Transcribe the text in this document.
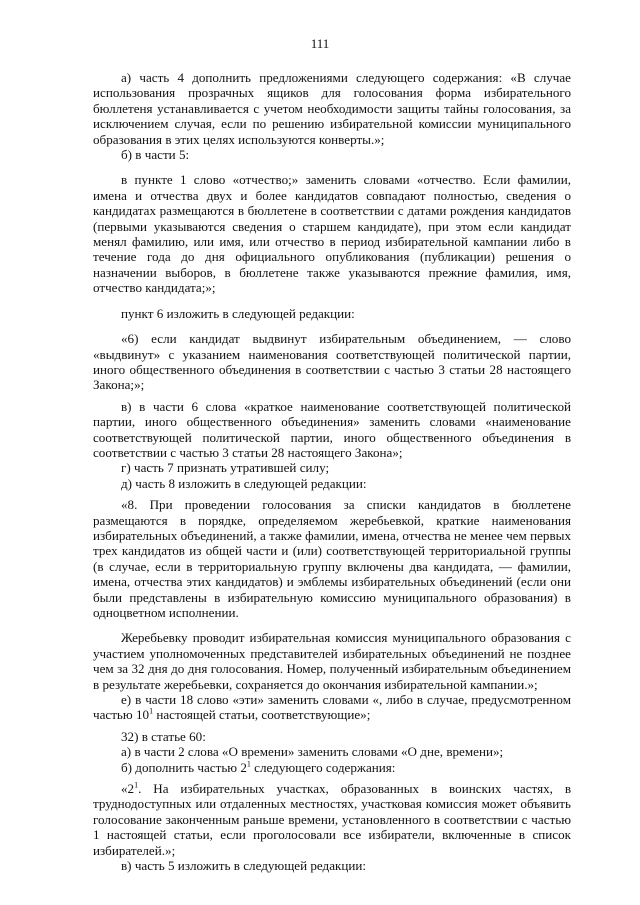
111

а) часть 4 дополнить предложениями следующего содержания: «В случае использования прозрачных ящиков для голосования форма избирательного бюллетеня устанавливается с учетом необходимости защиты тайны голосования, за исключением случая, если по решению избирательной комиссии муниципального образования в этих целях используются конверты.»;

б) в части 5:

в пункте 1 слово «отчество;» заменить словами «отчество. Если фамилии, имена и отчества двух и более кандидатов совпадают полностью, сведения о кандидатах размещаются в бюллетене в соответствии с датами рождения кандидатов (первыми указываются сведения о старшем кандидате), при этом если кандидат менял фамилию, или имя, или отчество в период избирательной кампании либо в течение года до дня официального опубликования (публикации) решения о назначении выборов, в бюллетене также указываются прежние фамилия, имя, отчество кандидата;»;

пункт 6 изложить в следующей редакции:

«6) если кандидат выдвинут избирательным объединением, — слово «выдвинут» с указанием наименования соответствующей политической партии, иного общественного объединения в соответствии с частью 3 статьи 28 настоящего Закона;»;

в) в части 6 слова «краткое наименование соответствующей политической партии, иного общественного объединения» заменить словами «наименование соответствующей политической партии, иного общественного объединения в соответствии с частью 3 статьи 28 настоящего Закона»;

г) часть 7 признать утратившей силу;

д) часть 8 изложить в следующей редакции:

«8. При проведении голосования за списки кандидатов в бюллетене размещаются в порядке, определяемом жеребьевкой, краткие наименования избирательных объединений, а также фамилии, имена, отчества не менее чем первых трех кандидатов из общей части и (или) соответствующей территориальной группы (в случае, если в территориальную группу включены два кандидата, — фамилии, имена, отчества этих кандидатов) и эмблемы избирательных объединений (если они были представлены в избирательную комиссию муниципального образования) в одноцветном исполнении.

Жеребьевку проводит избирательная комиссия муниципального образования с участием уполномоченных представителей избирательных объединений не позднее чем за 32 дня до дня голосования. Номер, полученный избирательным объединением в результате жеребьевки, сохраняется до окончания избирательной кампании.»;

е) в части 18 слово «эти» заменить словами «, либо в случае, предусмотренном частью $10^1$ настоящей статьи, соответствующие»;

32) в статье 60:

а) в части 2 слова «О времени» заменить словами «О дне, времени»;

б) дополнить частью $2^1$ следующего содержания:

«$2^1$. На избирательных участках, образованных в воинских частях, в труднодоступных или отдаленных местностях, участковая комиссия может объявить голосование законченным раньше времени, установленного в соответствии с частью 1 настоящей статьи, если проголосовали все избиратели, включенные в список избирателей.»;

в) часть 5 изложить в следующей редакции:
